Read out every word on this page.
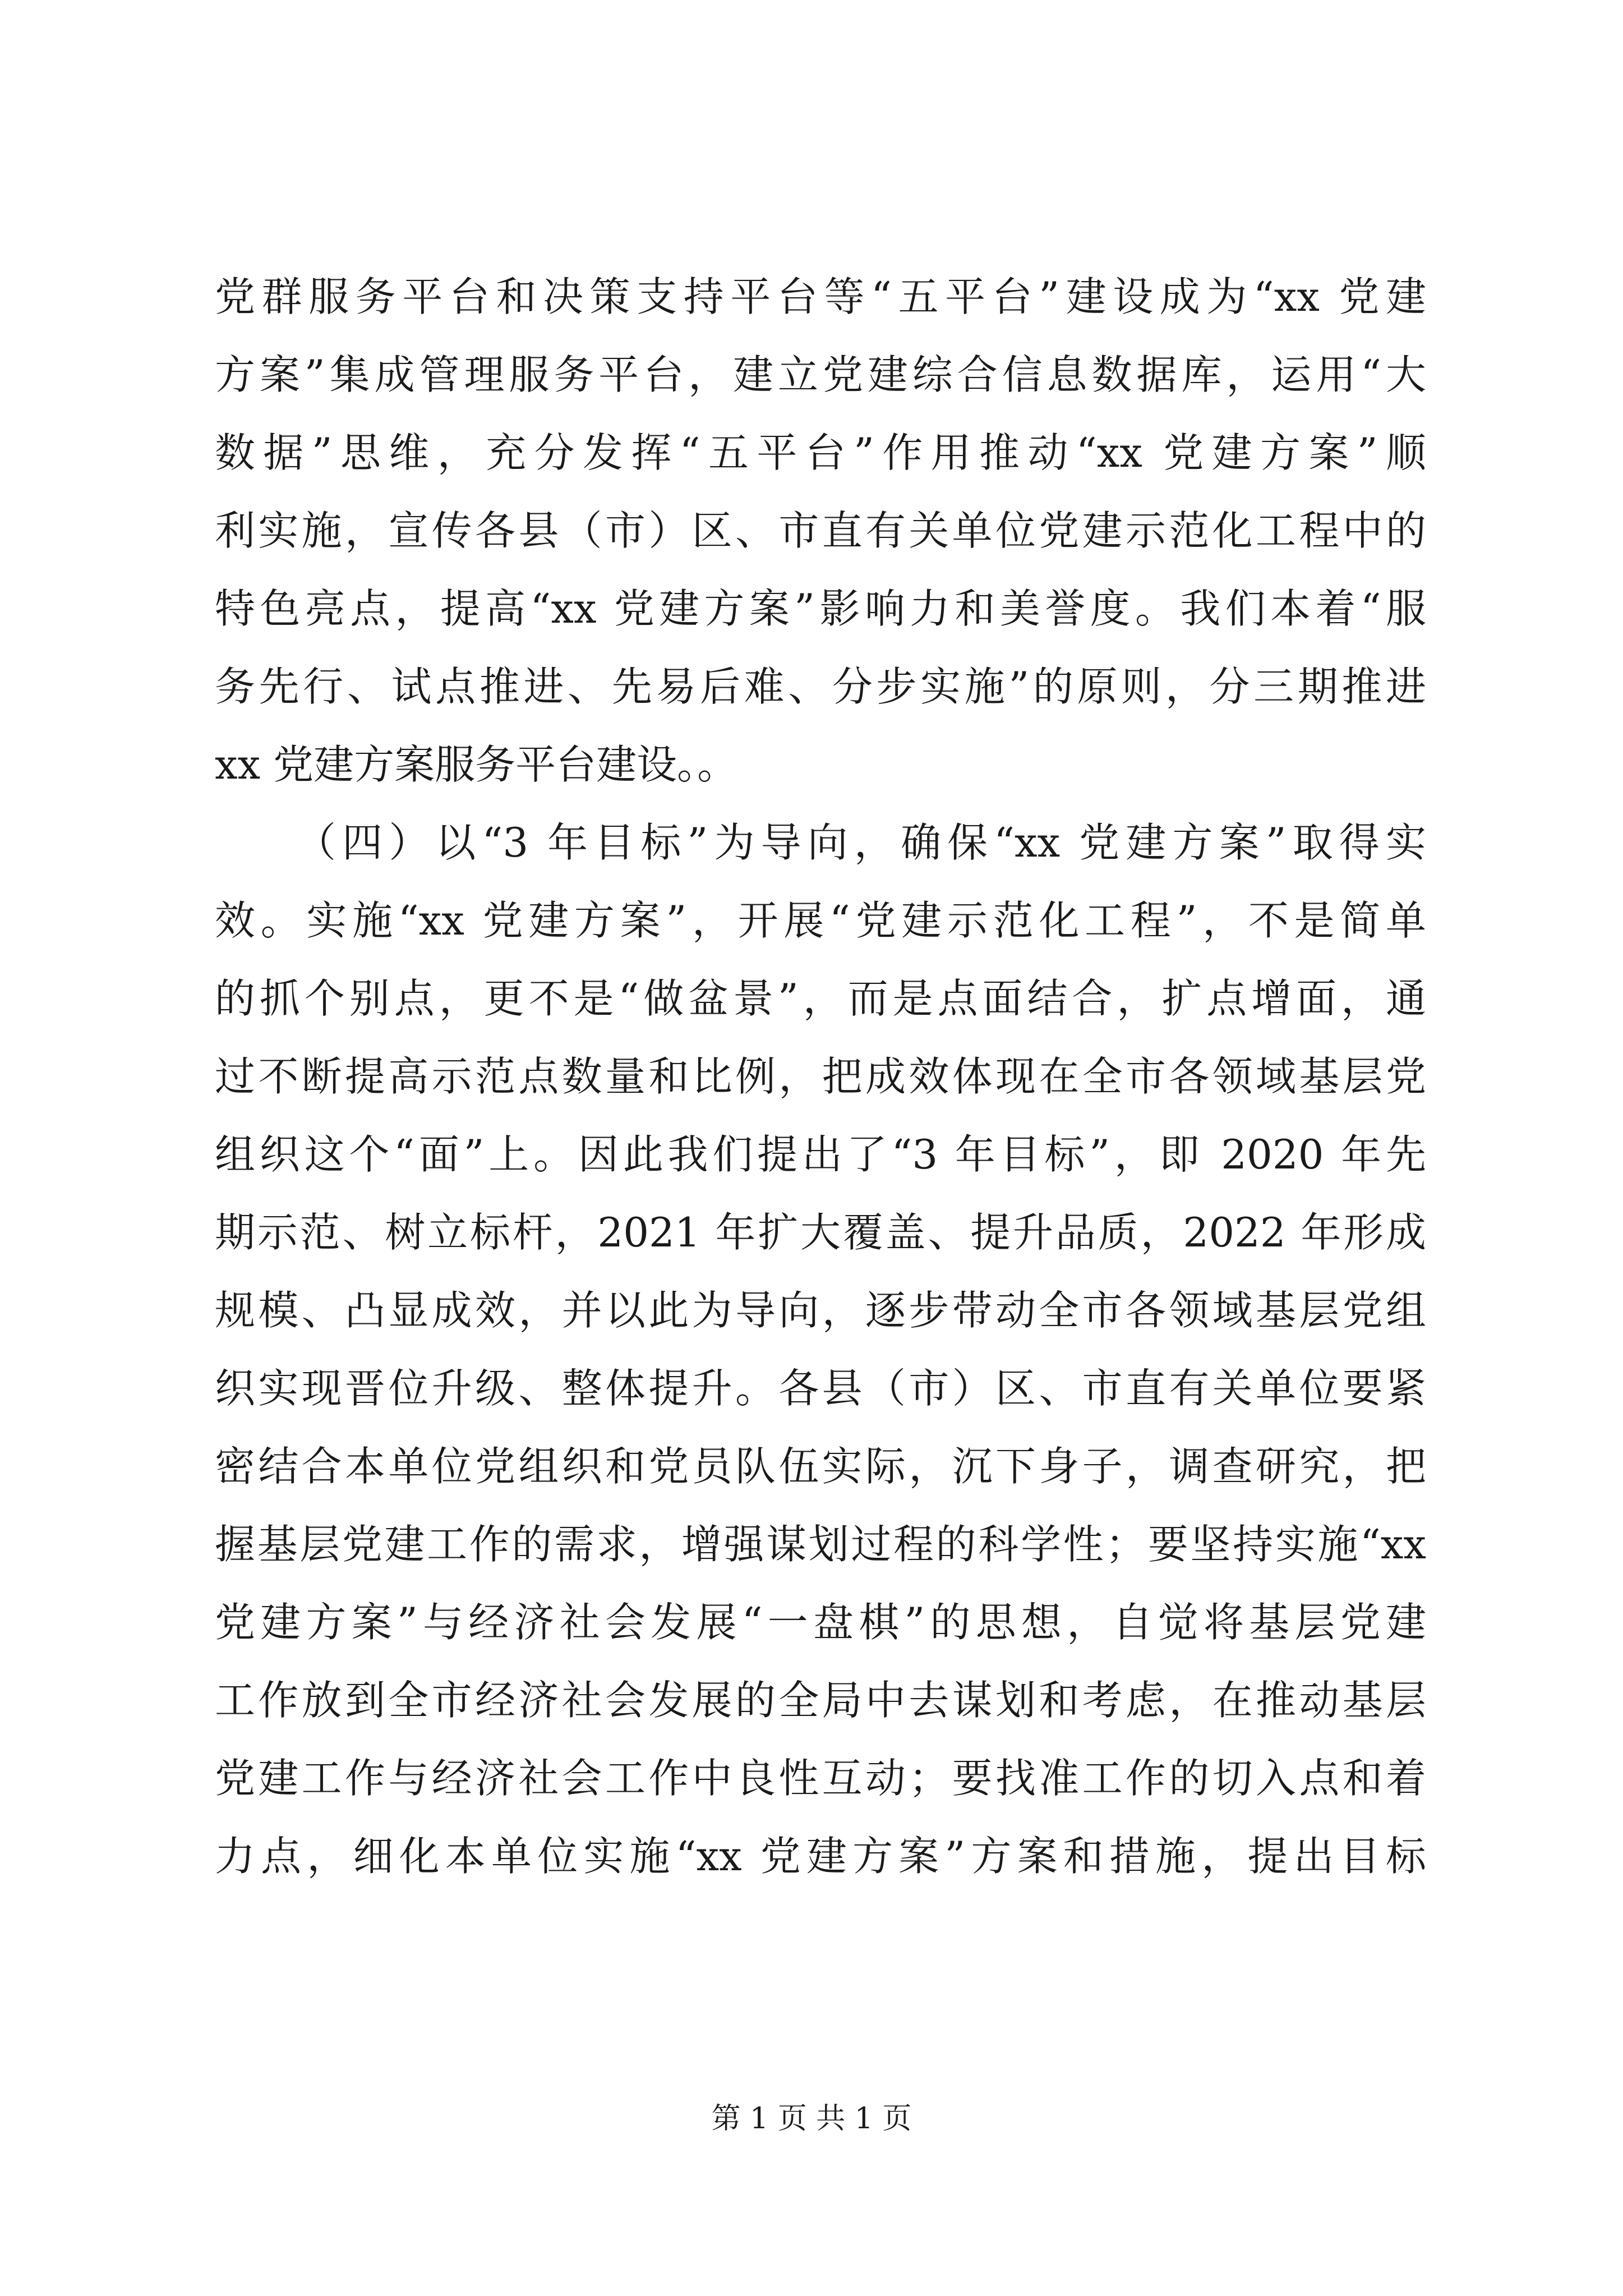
党群服务平台和决策支持平台等“五平台”建设成为“xx 党建
方案”集成管理服务平台，建立党建综合信息数据库，运用“大
数据”思维，充分发挥“五平台”作用推动“xx 党建方案”顺
利实施，宣传各县（市）区、市直有关单位党建示范化工程中的
特色亮点，提高“xx 党建方案”影响力和美誉度。我们本着“服
务先行、试点推进、先易后难、分步实施”的原则，分三期推进
xx 党建方案服务平台建设。。
（四）以“3 年目标”为导向，确保“xx 党建方案”取得实
效。实施“xx 党建方案”，开展“党建示范化工程”，不是简单
的抓个别点，更不是“做盆景”，而是点面结合，扩点增面，通
过不断提高示范点数量和比例，把成效体现在全市各领域基层党
组织这个“面”上。因此我们提出了“3 年目标”，即 2020 年先
期示范、树立标杆，2021 年扩大覆盖、提升品质，2022 年形成
规模、凸显成效，并以此为导向，逐步带动全市各领域基层党组
织实现晋位升级、整体提升。各县（市）区、市直有关单位要紧
密结合本单位党组织和党员队伍实际，沉下身子，调查研究，把
握基层党建工作的需求，增强谋划过程的科学性；要坚持实施“xx
党建方案”与经济社会发展“一盘棋”的思想，自觉将基层党建
工作放到全市经济社会发展的全局中去谋划和考虑，在推动基层
党建工作与经济社会工作中良性互动；要找准工作的切入点和着
力点，细化本单位实施“xx 党建方案”方案和措施，提出目标
第 1 页 共 1 页
